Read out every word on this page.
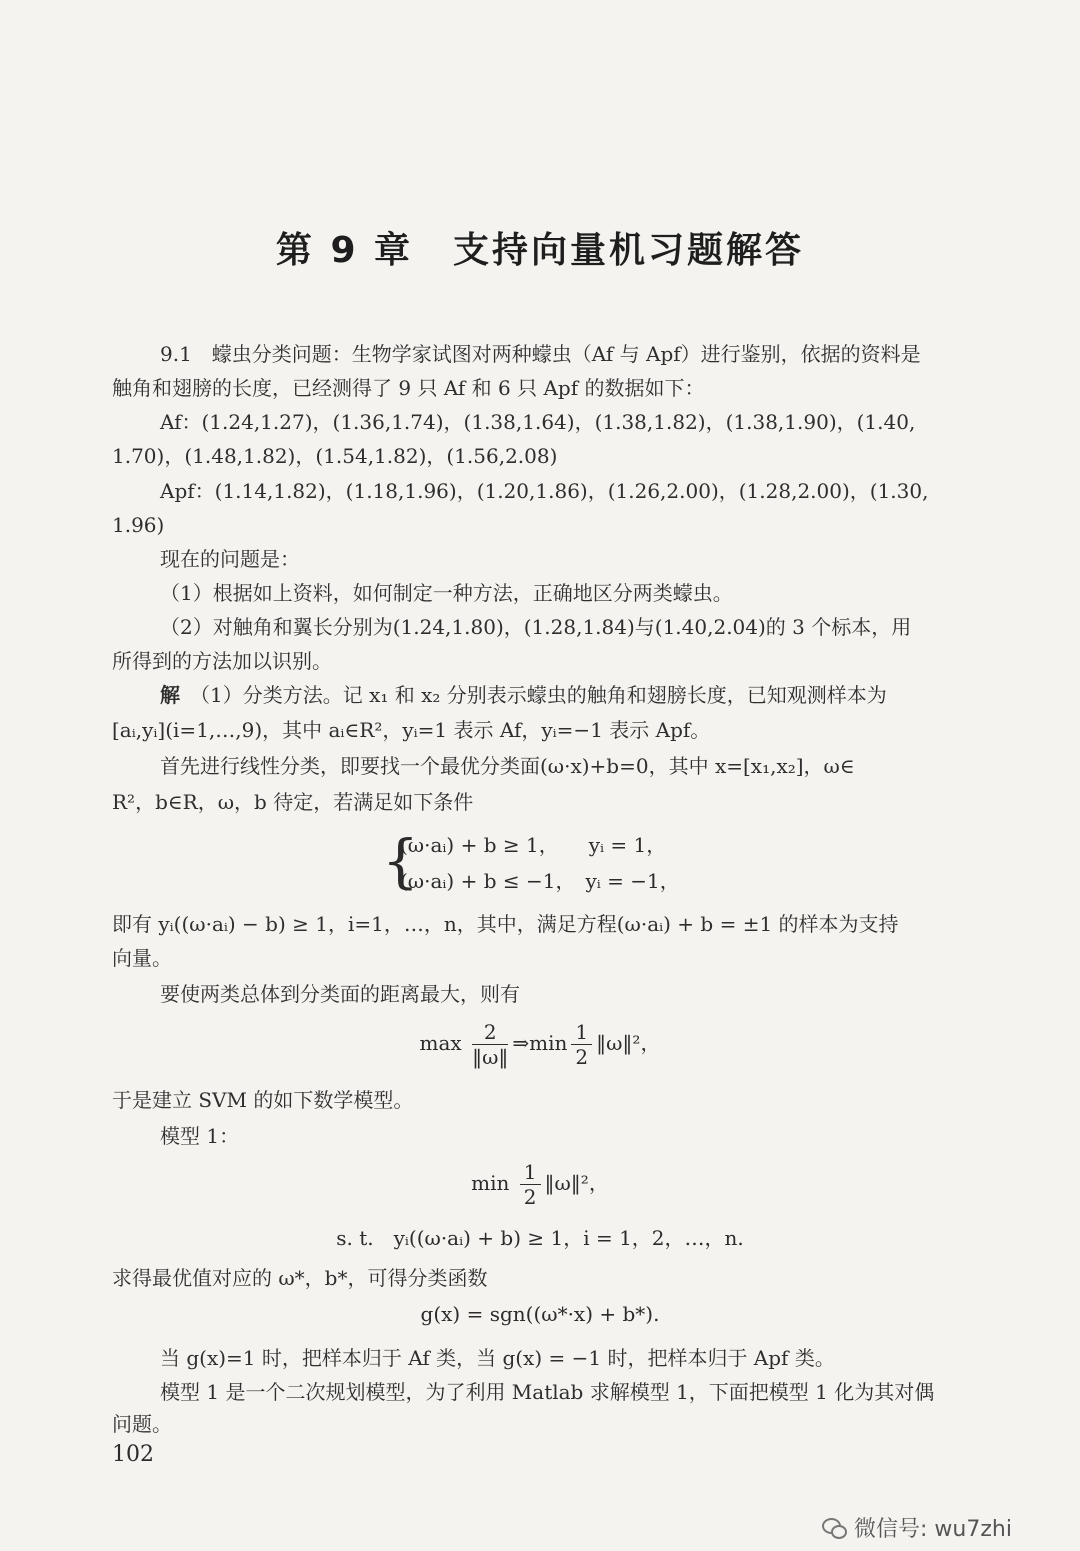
第 9 章 支持向量机习题解答
9.1　蠓虫分类问题：生物学家试图对两种蠓虫（Af 与 Apf）进行鉴别，依据的资料是
触角和翅膀的长度，已经测得了 9 只 Af 和 6 只 Apf 的数据如下：
Af：(1.24,1.27)，(1.36,1.74)，(1.38,1.64)，(1.38,1.82)，(1.38,1.90)，(1.40,
1.70)，(1.48,1.82)，(1.54,1.82)，(1.56,2.08)
Apf：(1.14,1.82)，(1.18,1.96)，(1.20,1.86)，(1.26,2.00)，(1.28,2.00)，(1.30,
1.96)
现在的问题是：
（1）根据如上资料，如何制定一种方法，正确地区分两类蠓虫。
（2）对触角和翼长分别为(1.24,1.80)，(1.28,1.84)与(1.40,2.04)的 3 个标本，用
所得到的方法加以识别。
解　 （1）分类方法。记 x₁ 和 x₂ 分别表示蠓虫的触角和翅膀长度，已知观测样本为
[aᵢ,yᵢ](i=1,…,9)，其中 aᵢ∈R²，yᵢ=1 表示 Af，yᵢ=−1 表示 Apf。
首先进行线性分类，即要找一个最优分类面(ω·x)+b=0，其中 x=[x₁,x₂]，ω∈
R²，b∈R，ω，b 待定，若满足如下条件
{
(ω·aᵢ) + b ≥ 1，　　yᵢ = 1，
(ω·aᵢ) + b ≤ −1，　yᵢ = −1，
即有 yᵢ((ω·aᵢ) − b) ≥ 1，i=1，…，n，其中，满足方程(ω·aᵢ) + b = ±1 的样本为支持
向量。
要使两类总体到分类面的距离最大，则有
$\max \frac{2}{‖\omega‖}$ ⇒min $\frac{1}{2}$ ‖ω‖²，
于是建立 SVM 的如下数学模型。
模型 1：
$\min \frac{1}{2}$ ‖ω‖²，
s. t.　yᵢ((ω·aᵢ) + b) ≥ 1，i = 1，2，…，n.
求得最优值对应的 ω*，b*，可得分类函数
g(x) = sgn((ω*·x) + b*).
当 g(x)=1 时，把样本归于 Af 类，当 g(x) = −1 时，把样本归于 Apf 类。
模型 1 是一个二次规划模型，为了利用 Matlab 求解模型 1，下面把模型 1 化为其对偶
问题。
102
微信号: wu7zhi
